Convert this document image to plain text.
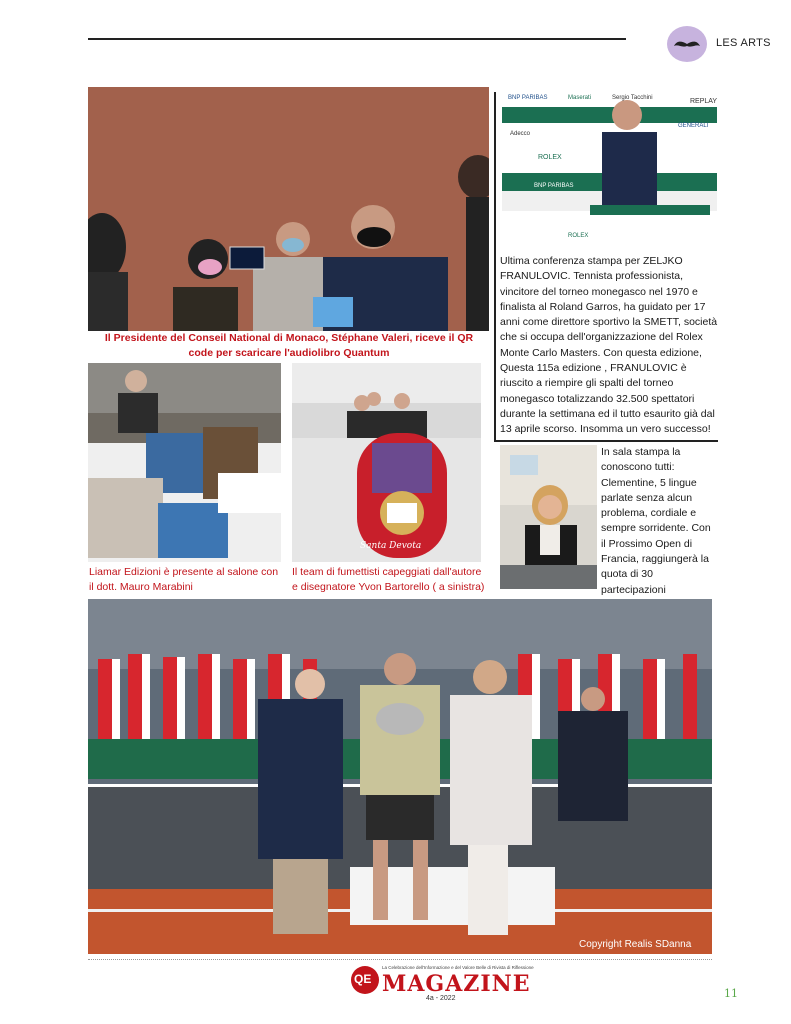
LES ARTS
Il Presidente del Conseil National di Monaco, Stéphane Valeri, riceve il QR code per scaricare l'audiolibro Quantum
BNP PARIBAS	Maserati	Sergio Tacchini	REPLAY
Adecco
ROLEX
GENERALI
BNP PARIBAS
ROLEX
Ultima conferenza stampa per ZELJKO FRANULOVIC. Tennista professionista, vincitore del torneo monegasco nel 1970 e finalista al Roland Garros, ha guidato per 17 anni come direttore sportivo la SMETT, società che si occupa dell'organizzazione del Rolex Monte Carlo Masters. Con questa edizione, Questa 115a edizione , FRANULOVIC è riuscito a riempire gli spalti del torneo monegasco totalizzando 32.500 spettatori durante la settimana ed il tutto esaurito già dal 13 aprile scorso. Insomma un vero successo!
In sala stampa la conoscono tutti: Clementine, 5 lingue parlate senza alcun problema, cordiale e sempre sorridente. Con il Prossimo Open di Francia, raggiungerà la quota di 30 partecipazioni
Liamar Edizioni è presente al salone con il dott. Mauro Marabini
Santa Devota
Il team di fumettisti capeggiati dall'autore e disegnatore Yvon Bartorello ( a sinistra)
Copyright Realis SDanna
QE
La Celebrazione dell'Informazione e del Valore Belle di Rivista di Riflessione
MAGAZINE
4a - 2022	11
